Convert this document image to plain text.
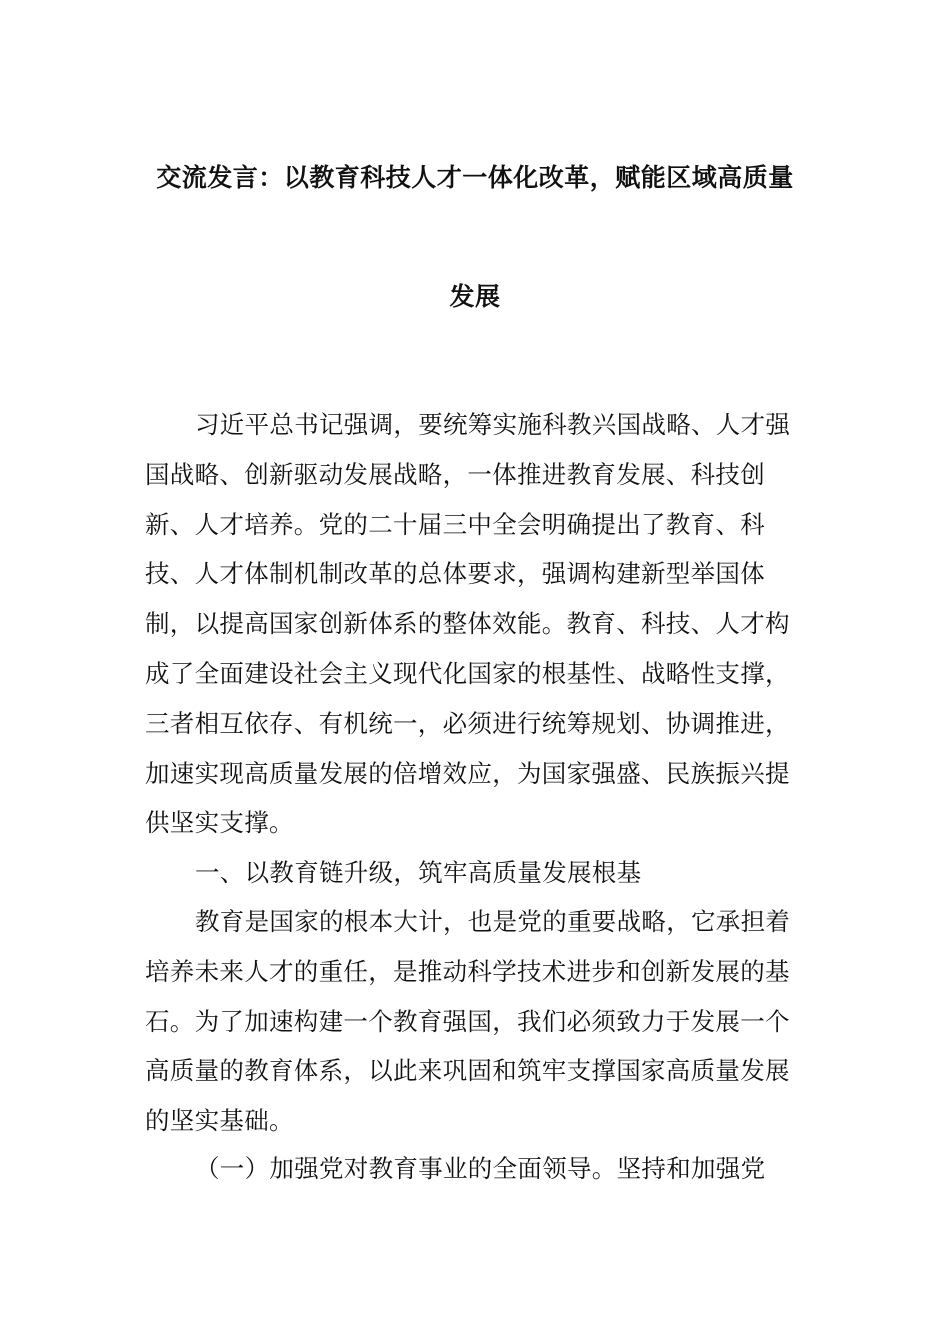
交流发言：以教育科技人才一体化改革，赋能区域高质量
发展
习近平总书记强调，要统筹实施科教兴国战略、人才强国战略、创新驱动发展战略，一体推进教育发展、科技创新、人才培养。党的二十届三中全会明确提出了教育、科技、人才体制机制改革的总体要求，强调构建新型举国体制，以提高国家创新体系的整体效能。教育、科技、人才构成了全面建设社会主义现代化国家的根基性、战略性支撑，三者相互依存、有机统一，必须进行统筹规划、协调推进，加速实现高质量发展的倍增效应，为国家强盛、民族振兴提供坚实支撑。
一、以教育链升级，筑牢高质量发展根基
教育是国家的根本大计，也是党的重要战略，它承担着培养未来人才的重任，是推动科学技术进步和创新发展的基石。为了加速构建一个教育强国，我们必须致力于发展一个高质量的教育体系，以此来巩固和筑牢支撑国家高质量发展的坚实基础。
（一）加强党对教育事业的全面领导。坚持和加强党
